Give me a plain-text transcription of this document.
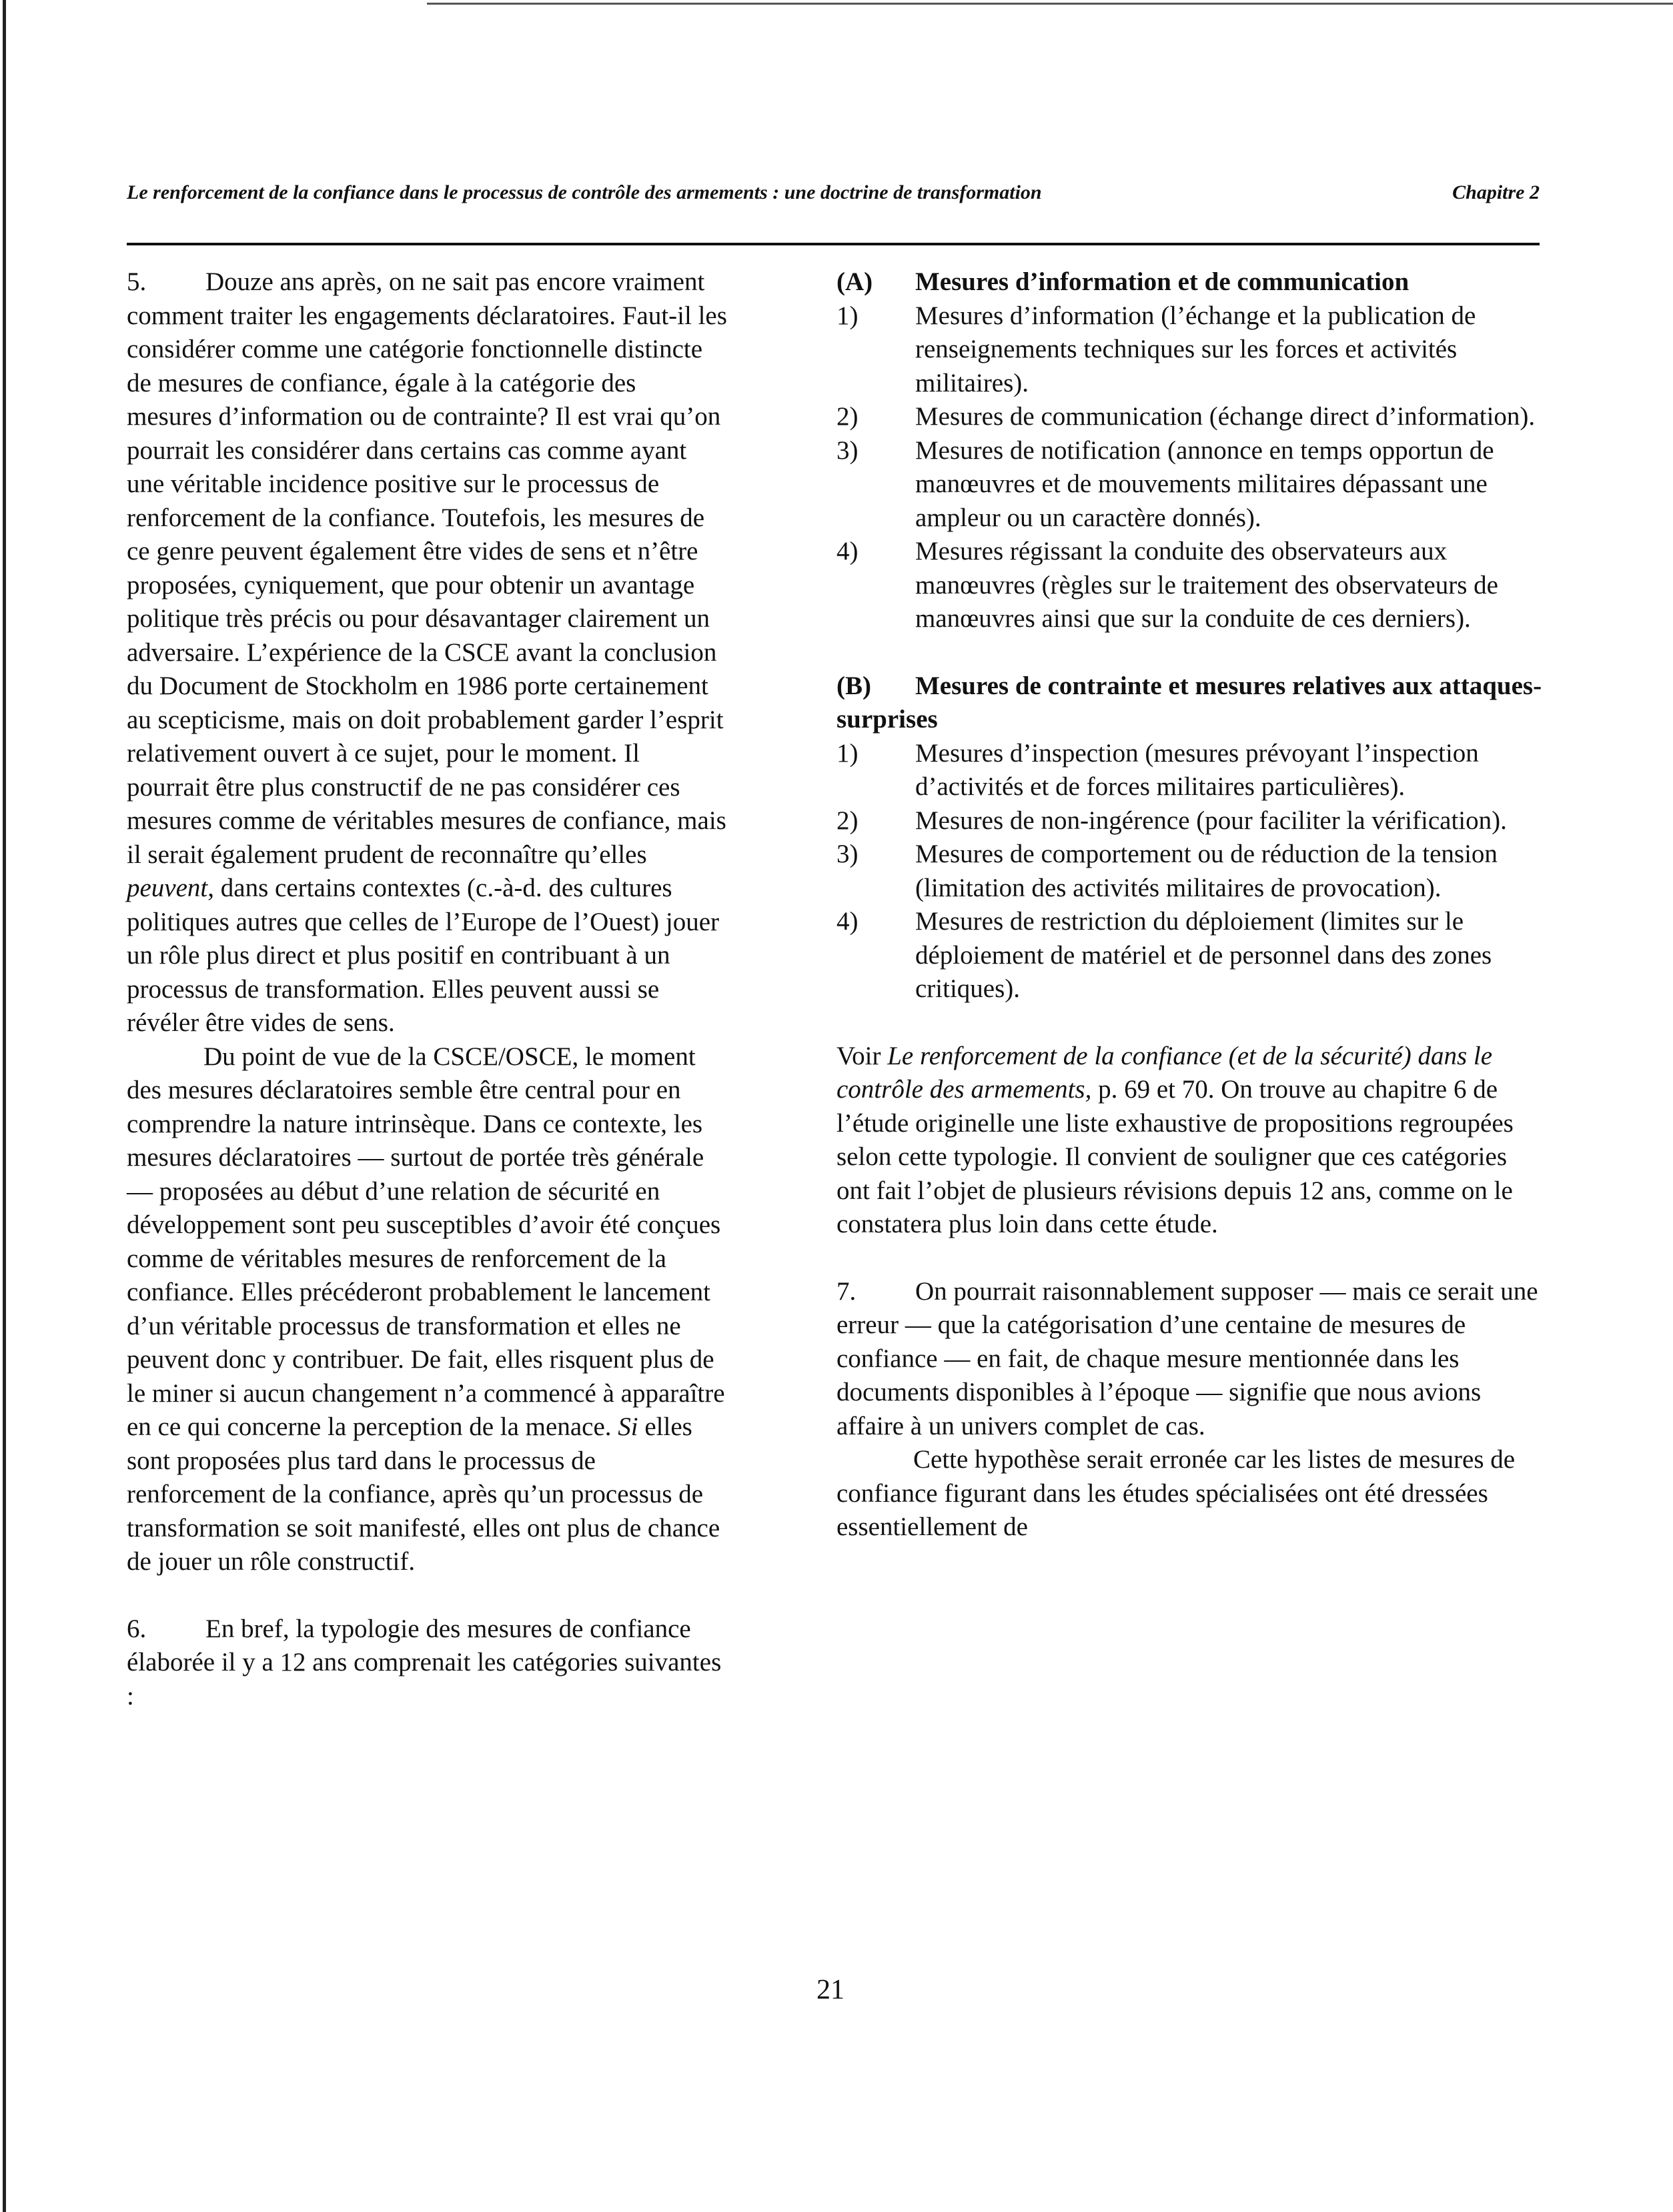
Le renforcement de la confiance dans le processus de contrôle des armements : une doctrine de transformation	Chapitre 2

5. Douze ans après, on ne sait pas encore vraiment comment traiter les engagements déclaratoires. Faut-il les considérer comme une catégorie fonctionnelle distincte de mesures de confiance, égale à la catégorie des mesures d’information ou de contrainte? Il est vrai qu’on pourrait les considérer dans certains cas comme ayant une véritable incidence positive sur le processus de renforcement de la confiance. Toutefois, les mesures de ce genre peuvent également être vides de sens et n’être proposées, cyniquement, que pour obtenir un avantage politique très précis ou pour désavantager clairement un adversaire. L’expérience de la CSCE avant la conclusion du Document de Stockholm en 1986 porte certainement au scepticisme, mais on doit probablement garder l’esprit relativement ouvert à ce sujet, pour le moment. Il pourrait être plus constructif de ne pas considérer ces mesures comme de véritables mesures de confiance, mais il serait également prudent de reconnaître qu’elles peuvent, dans certains contextes (c.-à-d. des cultures politiques autres que celles de l’Europe de l’Ouest) jouer un rôle plus direct et plus positif en contribuant à un processus de transformation. Elles peuvent aussi se révéler être vides de sens.

Du point de vue de la CSCE/OSCE, le moment des mesures déclaratoires semble être central pour en comprendre la nature intrinsèque. Dans ce contexte, les mesures déclaratoires — surtout de portée très générale — proposées au début d’une relation de sécurité en développement sont peu susceptibles d’avoir été conçues comme de véritables mesures de renforcement de la confiance. Elles précéderont probablement le lancement d’un véritable processus de transformation et elles ne peuvent donc y contribuer. De fait, elles risquent plus de le miner si aucun changement n’a commencé à apparaître en ce qui concerne la perception de la menace. Si elles sont proposées plus tard dans le processus de renforcement de la confiance, après qu’un processus de transformation se soit manifesté, elles ont plus de chance de jouer un rôle constructif.

6. En bref, la typologie des mesures de confiance élaborée il y a 12 ans comprenait les catégories suivantes :

(A) Mesures d’information et de communication

1)	Mesures d’information (l’échange et la publication de renseignements techniques sur les forces et activités militaires).
2)	Mesures de communication (échange direct d’information).
3)	Mesures de notification (annonce en temps opportun de manœuvres et de mouvements militaires dépassant une ampleur ou un caractère donnés).
4)	Mesures régissant la conduite des observateurs aux manœuvres (règles sur le traitement des observateurs de manœuvres ainsi que sur la conduite de ces derniers).

(B) Mesures de contrainte et mesures relatives aux attaques-surprises

1)	Mesures d’inspection (mesures prévoyant l’inspection d’activités et de forces militaires particulières).
2)	Mesures de non-ingérence (pour faciliter la vérification).
3)	Mesures de comportement ou de réduction de la tension (limitation des activités militaires de provocation).
4)	Mesures de restriction du déploiement (limites sur le déploiement de matériel et de personnel dans des zones critiques).

Voir Le renforcement de la confiance (et de la sécurité) dans le contrôle des armements, p. 69 et 70. On trouve au chapitre 6 de l’étude originelle une liste exhaustive de propositions regroupées selon cette typologie. Il convient de souligner que ces catégories ont fait l’objet de plusieurs révisions depuis 12 ans, comme on le constatera plus loin dans cette étude.

7. On pourrait raisonnablement supposer — mais ce serait une erreur — que la catégorisation d’une centaine de mesures de confiance — en fait, de chaque mesure mentionnée dans les documents disponibles à l’époque — signifie que nous avions affaire à un univers complet de cas.

Cette hypothèse serait erronée car les listes de mesures de confiance figurant dans les études spécialisées ont été dressées essentiellement de

21
